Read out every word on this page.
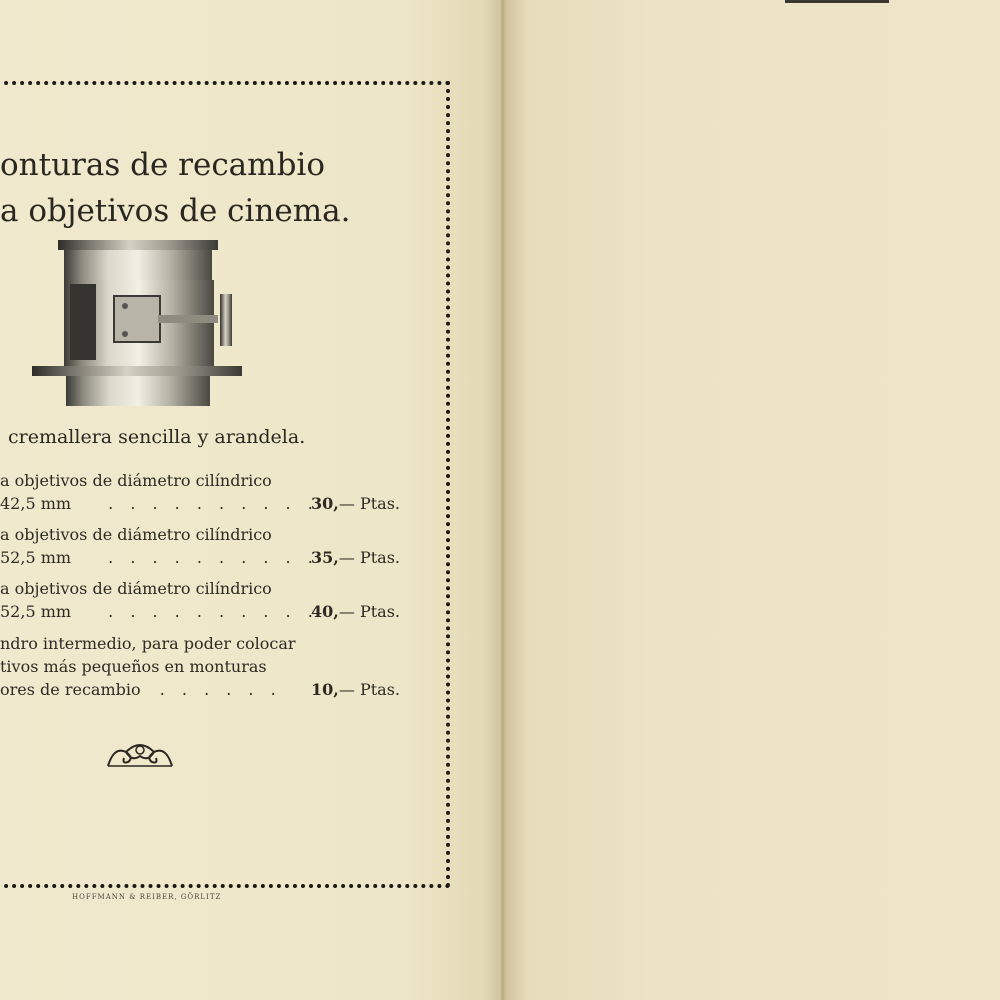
onturas de recambio
a objetivos de cinema.
cremallera sencilla y arandela.
a objetivos de diámetro cilíndrico
42,5 mm . . . . . . . . . .
30,— Ptas.
a objetivos de diámetro cilíndrico
52,5 mm . . . . . . . . . .
35,— Ptas.
a objetivos de diámetro cilíndrico
52,5 mm . . . . . . . . . .
40,— Ptas.
ndro intermedio, para poder colocar
tivos más pequeños en monturas
ores de recambio . . . . . . 10,— Ptas.
HOFFMANN & REIBER, GÖRLITZ
